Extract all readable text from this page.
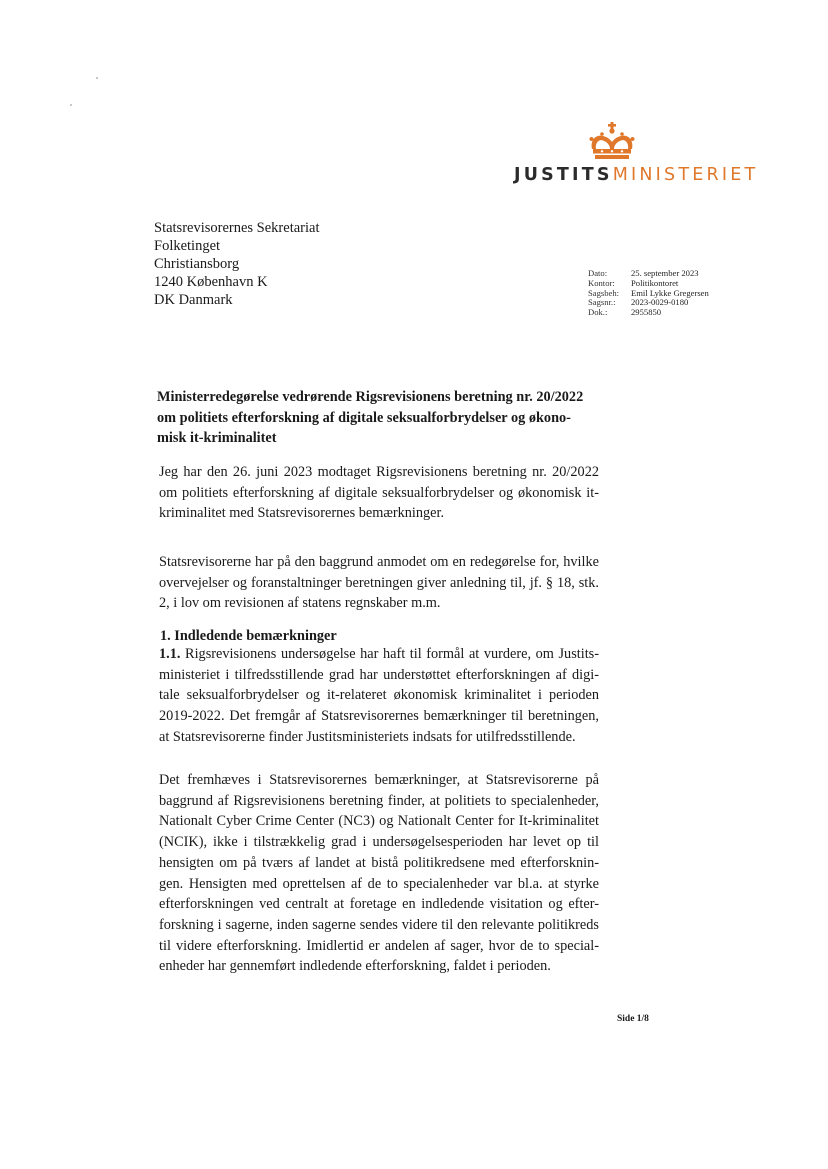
JUSTITSMINISTERIET
Statsrevisorernes Sekretariat
Folketinget
Christiansborg
1240 København K
DK Danmark
Dato:	25. september 2023
Kontor:	Politikontoret
Sagsbeh:	Emil Lykke Gregersen
Sagsnr.:	2023-0029-0180
Dok.:	2955850
Ministerredegørelse vedrørende Rigsrevisionens beretning nr. 20/2022 om politiets efterforskning af digitale seksualforbrydelser og økono-misk it-kriminalitet
Jeg har den 26. juni 2023 modtaget Rigsrevisionens beretning nr. 20/2022 om politiets efterforskning af digitale seksualforbrydelser og økonomisk it-kriminalitet med Statsrevisorernes bemærkninger.
Statsrevisorerne har på den baggrund anmodet om en redegørelse for, hvilke overvejelser og foranstaltninger beretningen giver anledning til, jf. § 18, stk. 2, i lov om revisionen af statens regnskaber m.m.
1. Indledende bemærkninger
1.1. Rigsrevisionens undersøgelse har haft til formål at vurdere, om Justits-ministeriet i tilfredsstillende grad har understøttet efterforskningen af digi-tale seksualforbrydelser og it-relateret økonomisk kriminalitet i perioden 2019-2022. Det fremgår af Statsrevisorernes bemærkninger til beretningen, at Statsrevisorerne finder Justitsministeriets indsats for utilfredsstillende.
Det fremhæves i Statsrevisorernes bemærkninger, at Statsrevisorerne på baggrund af Rigsrevisionens beretning finder, at politiets to specialenheder, Nationalt Cyber Crime Center (NC3) og Nationalt Center for It-kriminalitet (NCIK), ikke i tilstrækkelig grad i undersøgelsesperioden har levet op til hensigten om på tværs af landet at bistå politikredsene med efterforsknin-gen. Hensigten med oprettelsen af de to specialenheder var bl.a. at styrke efterforskningen ved centralt at foretage en indledende visitation og efter-forskning i sagerne, inden sagerne sendes videre til den relevante politikreds til videre efterforskning. Imidlertid er andelen af sager, hvor de to special-enheder har gennemført indledende efterforskning, faldet i perioden.
Side 1/8
